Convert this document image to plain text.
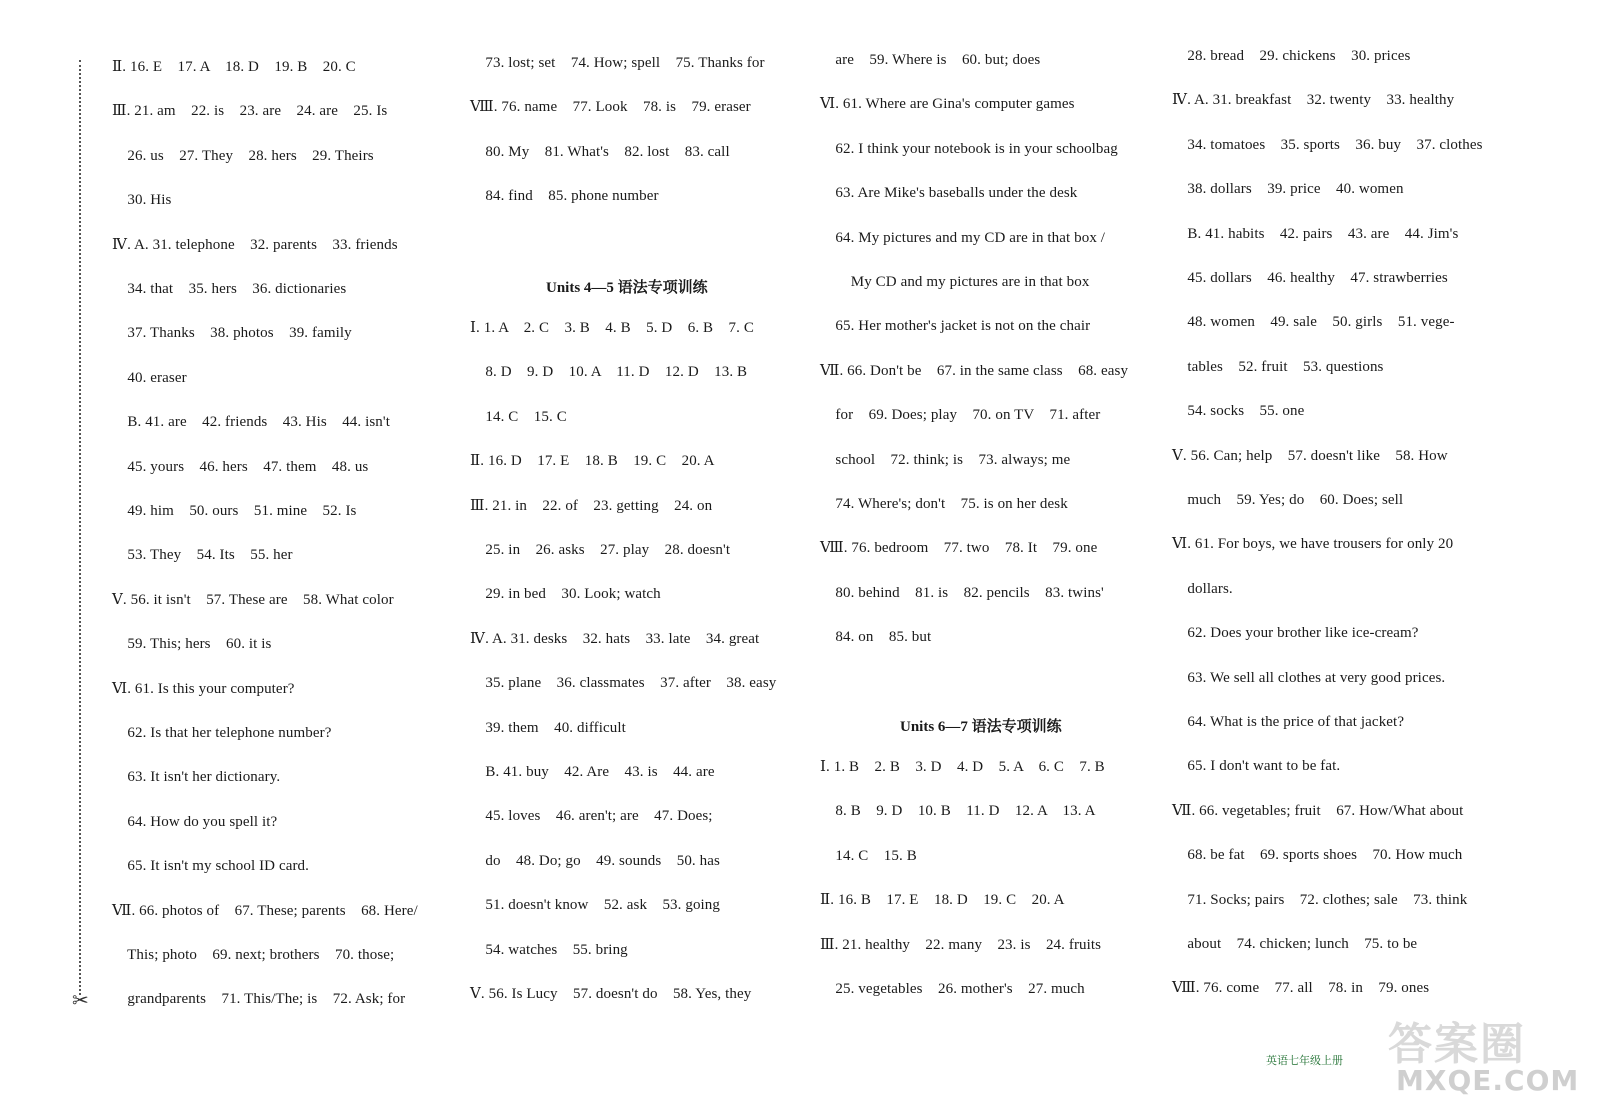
✂
Ⅱ. 16. E    17. A    18. D    19. B    20. C
Ⅲ. 21. am    22. is    23. are    24. are    25. Is
26. us    27. They    28. hers    29. Theirs
30. His
Ⅳ. A. 31. telephone    32. parents    33. friends
34. that    35. hers    36. dictionaries
37. Thanks    38. photos    39. family
40. eraser
B. 41. are    42. friends    43. His    44. isn't
45. yours    46. hers    47. them    48. us
49. him    50. ours    51. mine    52. Is
53. They    54. Its    55. her
Ⅴ. 56. it isn't    57. These are    58. What color
59. This; hers    60. it is
Ⅵ. 61. Is this your computer?
62. Is that her telephone number?
63. It isn't her dictionary.
64. How do you spell it?
65. It isn't my school ID card.
Ⅶ. 66. photos of    67. These; parents    68. Here/
This; photo    69. next; brothers    70. those;
grandparents    71. This/The; is    72. Ask; for
73. lost; set    74. How; spell    75. Thanks for
Ⅷ. 76. name    77. Look    78. is    79. eraser
80. My    81. What's    82. lost    83. call
84. find    85. phone number
Units 4—5 语法专项训练
Ⅰ. 1. A    2. C    3. B    4. B    5. D    6. B    7. C
8. D    9. D    10. A    11. D    12. D    13. B
14. C    15. C
Ⅱ. 16. D    17. E    18. B    19. C    20. A
Ⅲ. 21. in    22. of    23. getting    24. on
25. in    26. asks    27. play    28. doesn't
29. in bed    30. Look; watch
Ⅳ. A. 31. desks    32. hats    33. late    34. great
35. plane    36. classmates    37. after    38. easy
39. them    40. difficult
B. 41. buy    42. Are    43. is    44. are
45. loves    46. aren't; are    47. Does;
do    48. Do; go    49. sounds    50. has
51. doesn't know    52. ask    53. going
54. watches    55. bring
Ⅴ. 56. Is Lucy    57. doesn't do    58. Yes, they
are    59. Where is    60. but; does
Ⅵ. 61. Where are Gina's computer games
62. I think your notebook is in your schoolbag
63. Are Mike's baseballs under the desk
64. My pictures and my CD are in that box /
My CD and my pictures are in that box
65. Her mother's jacket is not on the chair
Ⅶ. 66. Don't be    67. in the same class    68. easy
for    69. Does; play    70. on TV    71. after
school    72. think; is    73. always; me
74. Where's; don't    75. is on her desk
Ⅷ. 76. bedroom    77. two    78. It    79. one
80. behind    81. is    82. pencils    83. twins'
84. on    85. but
Units 6—7 语法专项训练
Ⅰ. 1. B    2. B    3. D    4. D    5. A    6. C    7. B
8. B    9. D    10. B    11. D    12. A    13. A
14. C    15. B
Ⅱ. 16. B    17. E    18. D    19. C    20. A
Ⅲ. 21. healthy    22. many    23. is    24. fruits
25. vegetables    26. mother's    27. much
28. bread    29. chickens    30. prices
Ⅳ. A. 31. breakfast    32. twenty    33. healthy
34. tomatoes    35. sports    36. buy    37. clothes
38. dollars    39. price    40. women
B. 41. habits    42. pairs    43. are    44. Jim's
45. dollars    46. healthy    47. strawberries
48. women    49. sale    50. girls    51. vege-
tables    52. fruit    53. questions
54. socks    55. one
Ⅴ. 56. Can; help    57. doesn't like    58. How
much    59. Yes; do    60. Does; sell
Ⅵ. 61. For boys, we have trousers for only 20
dollars.
62. Does your brother like ice-cream?
63. We sell all clothes at very good prices.
64. What is the price of that jacket?
65. I don't want to be fat.
Ⅶ. 66. vegetables; fruit    67. How/What about
68. be fat    69. sports shoes    70. How much
71. Socks; pairs    72. clothes; sale    73. think
about    74. chicken; lunch    75. to be
Ⅷ. 76. come    77. all    78. in    79. ones
英语七年级上册 答案圈
MXQE.COM
